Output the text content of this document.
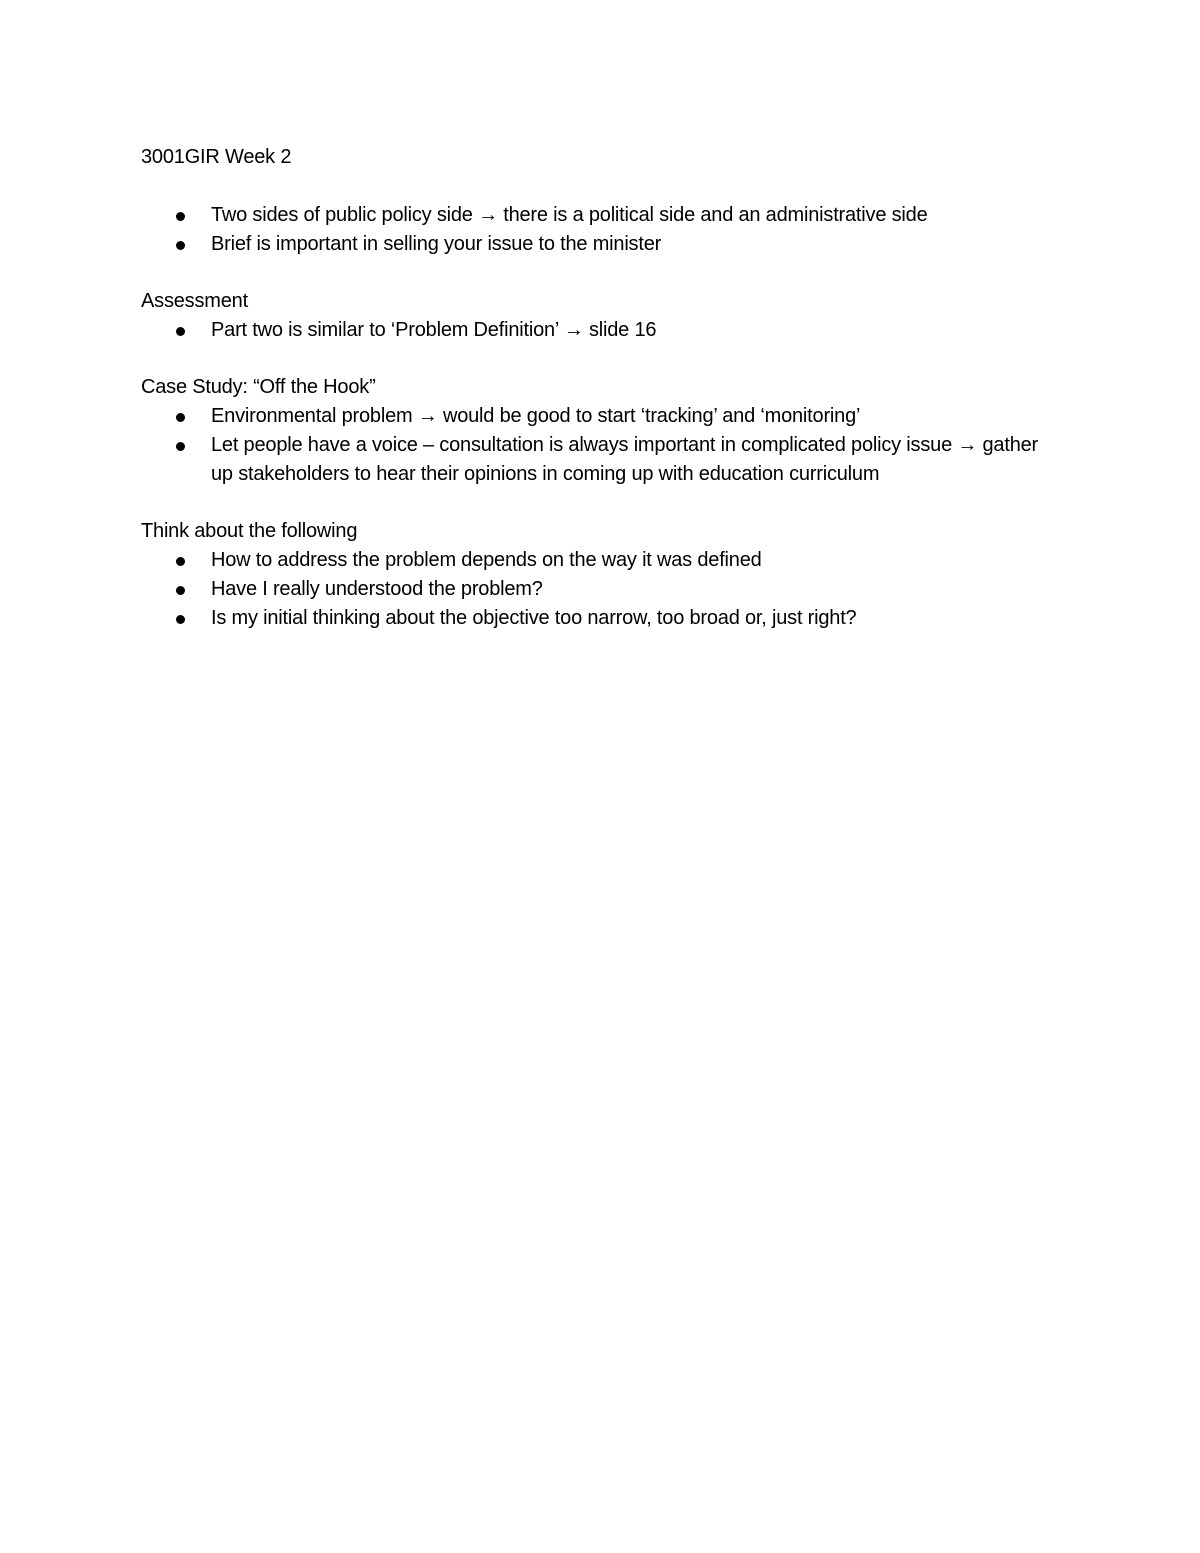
3001GIR Week 2

Two sides of public policy side → there is a political side and an administrative side
Brief is important in selling your issue to the minister

Assessment

Part two is similar to ‘Problem Definition’ → slide 16

Case Study: “Off the Hook”

Environmental problem → would be good to start ‘tracking’ and ‘monitoring’
Let people have a voice – consultation is always important in complicated policy issue → gather up stakeholders to hear their opinions in coming up with education curriculum

Think about the following

How to address the problem depends on the way it was defined
Have I really understood the problem?
Is my initial thinking about the objective too narrow, too broad or, just right?
